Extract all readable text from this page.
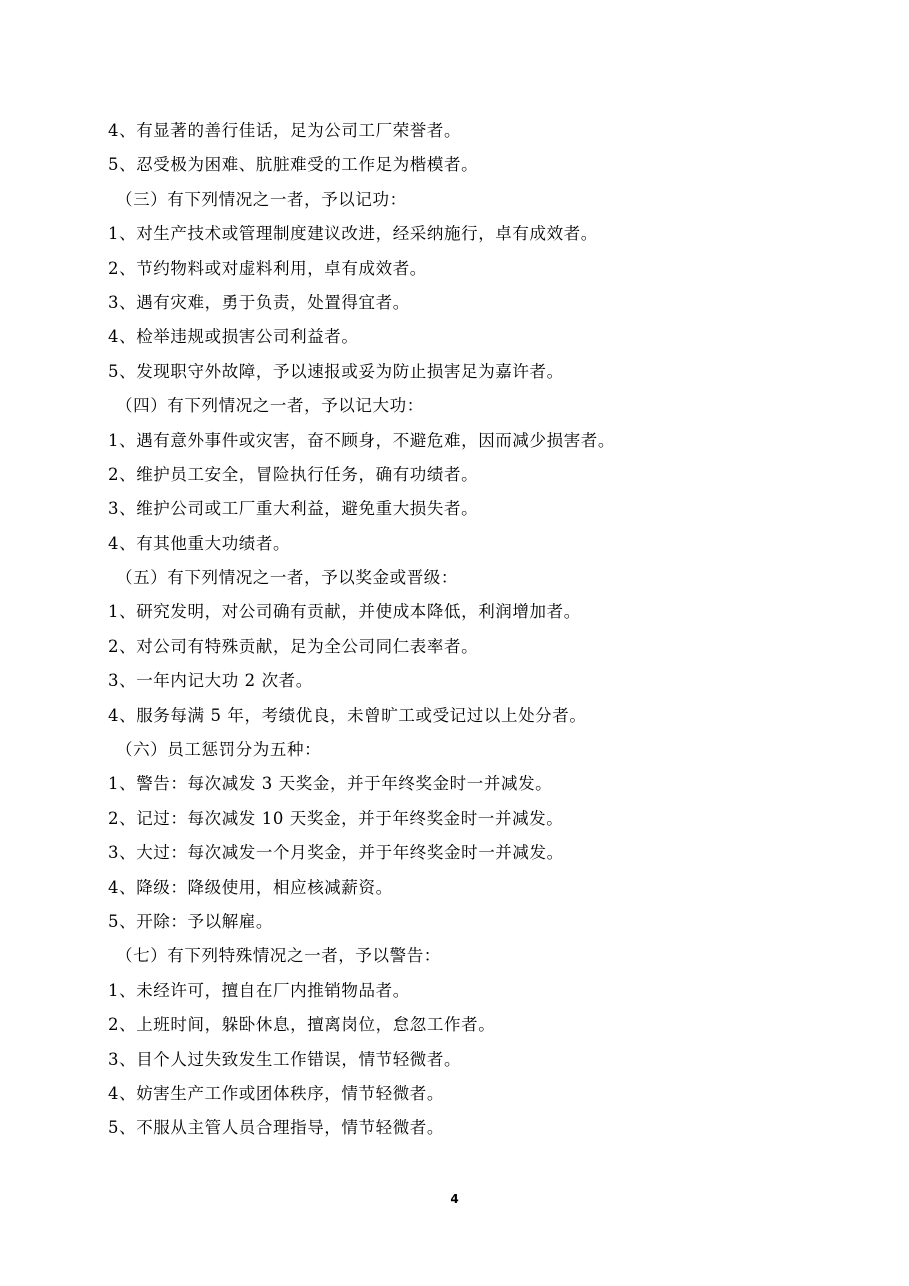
4、有显著的善行佳话，足为公司工厂荣誉者。
5、忍受极为困难、肮脏难受的工作足为楷模者。
（三）有下列情况之一者，予以记功：
1、对生产技术或管理制度建议改进，经采纳施行，卓有成效者。
2、节约物料或对虚料利用，卓有成效者。
3、遇有灾难，勇于负责，处置得宜者。
4、检举违规或损害公司利益者。
5、发现职守外故障，予以速报或妥为防止损害足为嘉许者。
（四）有下列情况之一者，予以记大功：
1、遇有意外事件或灾害，奋不顾身，不避危难，因而减少损害者。
2、维护员工安全，冒险执行任务，确有功绩者。
3、维护公司或工厂重大利益，避免重大损失者。
4、有其他重大功绩者。
（五）有下列情况之一者，予以奖金或晋级：
1、研究发明，对公司确有贡献，并使成本降低，利润增加者。
2、对公司有特殊贡献，足为全公司同仁表率者。
3、一年内记大功 2 次者。
4、服务每满 5 年，考绩优良，未曾旷工或受记过以上处分者。
（六）员工惩罚分为五种：
1、警告：每次减发 3 天奖金，并于年终奖金时一并减发。
2、记过：每次减发 10 天奖金，并于年终奖金时一并减发。
3、大过：每次减发一个月奖金，并于年终奖金时一并减发。
4、降级：降级使用，相应核减薪资。
5、开除：予以解雇。
（七）有下列特殊情况之一者，予以警告：
1、未经许可，擅自在厂内推销物品者。
2、上班时间，躲卧休息，擅离岗位，怠忽工作者。
3、目个人过失致发生工作错误，情节轻微者。
4、妨害生产工作或团体秩序，情节轻微者。
5、不服从主管人员合理指导，情节轻微者。
4
